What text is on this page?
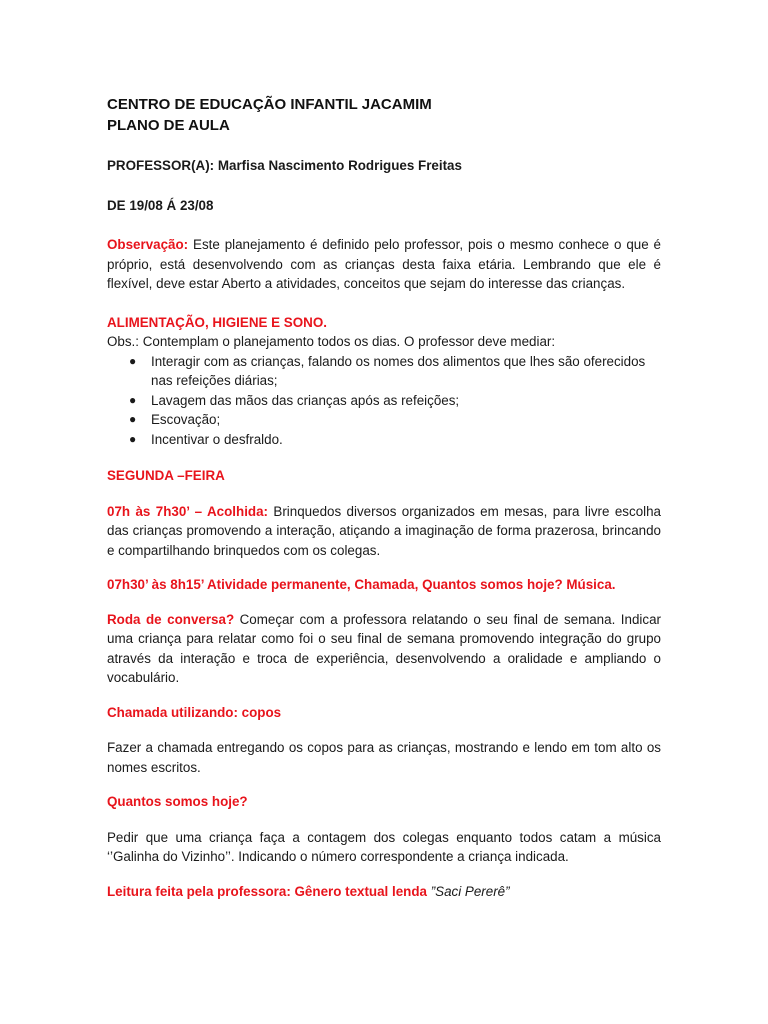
CENTRO DE EDUCAÇÃO INFANTIL JACAMIM
PLANO DE AULA

PROFESSOR(A): Marfisa Nascimento Rodrigues Freitas

DE 19/08 Á 23/08

Observação: Este planejamento é definido pelo professor, pois o mesmo conhece o que é próprio, está desenvolvendo com as crianças desta faixa etária. Lembrando que ele é flexível, deve estar Aberto a atividades, conceitos que sejam do interesse das crianças.

ALIMENTAÇÃO, HIGIENE E SONO.

Obs.: Contemplam o planejamento todos os dias. O professor deve mediar:

● Interagir com as crianças, falando os nomes dos alimentos que lhes são oferecidos nas refeições diárias;
● Lavagem das mãos das crianças após as refeições;
● Escovação;
● Incentivar o desfraldo.

SEGUNDA –FEIRA

07h às 7h30’ – Acolhida: Brinquedos diversos organizados em mesas, para livre escolha das crianças promovendo a interação, atiçando a imaginação de forma prazerosa, brincando e compartilhando brinquedos com os colegas.

07h30’ às 8h15’ Atividade permanente, Chamada, Quantos somos hoje? Música.

Roda de conversa? Começar com a professora relatando o seu final de semana. Indicar uma criança para relatar como foi o seu final de semana promovendo integração do grupo através da interação e troca de experiência, desenvolvendo a oralidade e ampliando o vocabulário.

Chamada utilizando: copos

Fazer a chamada entregando os copos para as crianças, mostrando e lendo em tom alto os nomes escritos.

Quantos somos hoje?

Pedir que uma criança faça a contagem dos colegas enquanto todos catam a música ‘’Galinha do Vizinho’’. Indicando o número correspondente a criança indicada.

Leitura feita pela professora: Gênero textual lenda ”Saci Pererê”
